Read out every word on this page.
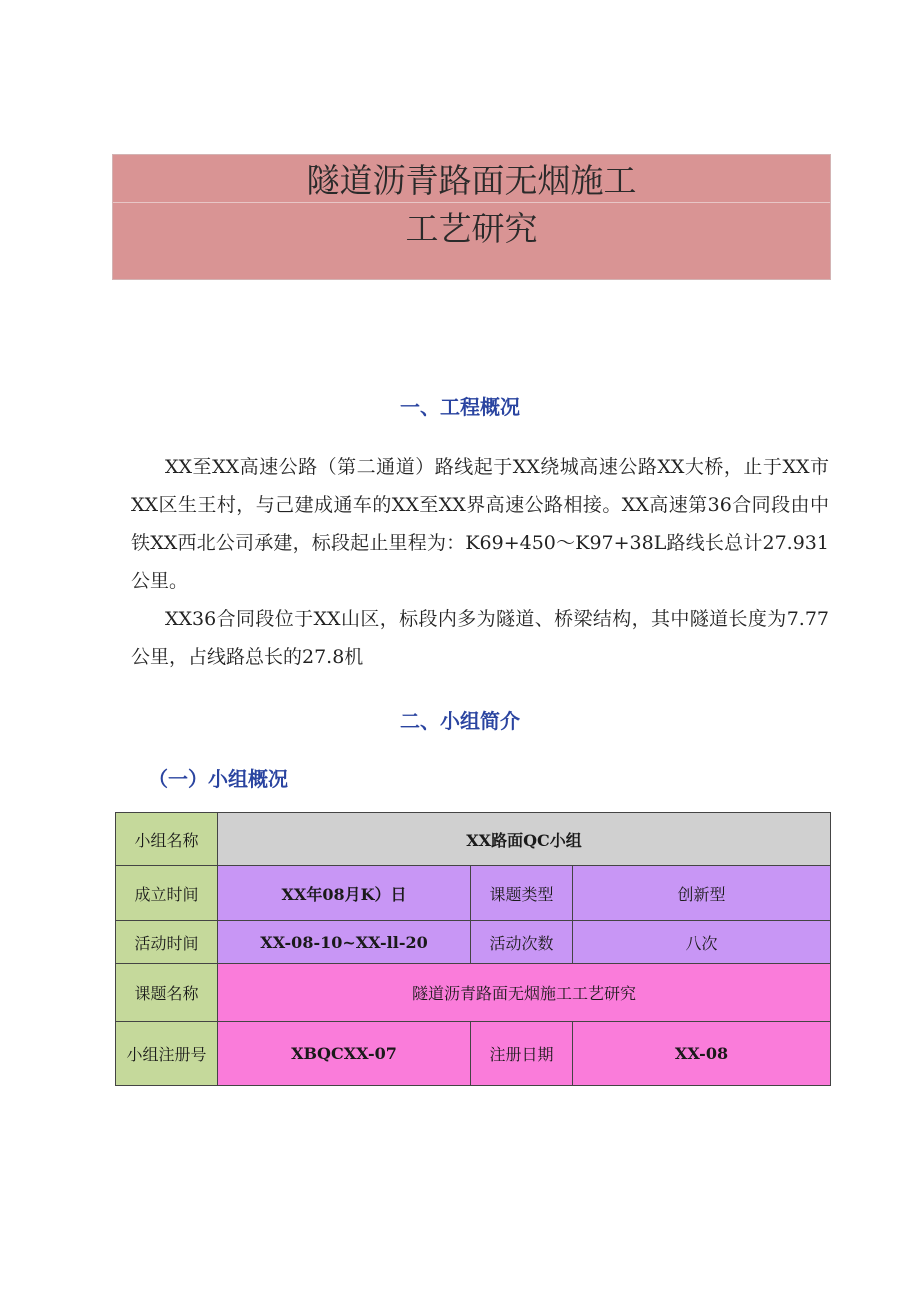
隧道沥青路面无烟施工
工艺研究
一、工程概况

XX至XX高速公路（第二通道）路线起于XX绕城高速公路XX大桥，止于XX市XX区生王村，与己建成通车的XX至XX界高速公路相接。XX高速第36合同段由中铁XX西北公司承建，标段起止里程为：K69+450～K97+38L路线长总计27.931公里。

XX36合同段位于XX山区，标段内多为隧道、桥梁结构，其中隧道长度为7.77公里，占线路总长的27.8机

二、小组简介
（一）小组概况
小组名称	XX路面QC小组		
成立时间	XX年08月K）日	课题类型	创新型
活动时间	XX-08-10~XX-ll-20	活动次数	八次
课题名称	隧道沥青路面无烟施工工艺研究		
小组注册号	XBQCXX-07	注册日期	XX-08
